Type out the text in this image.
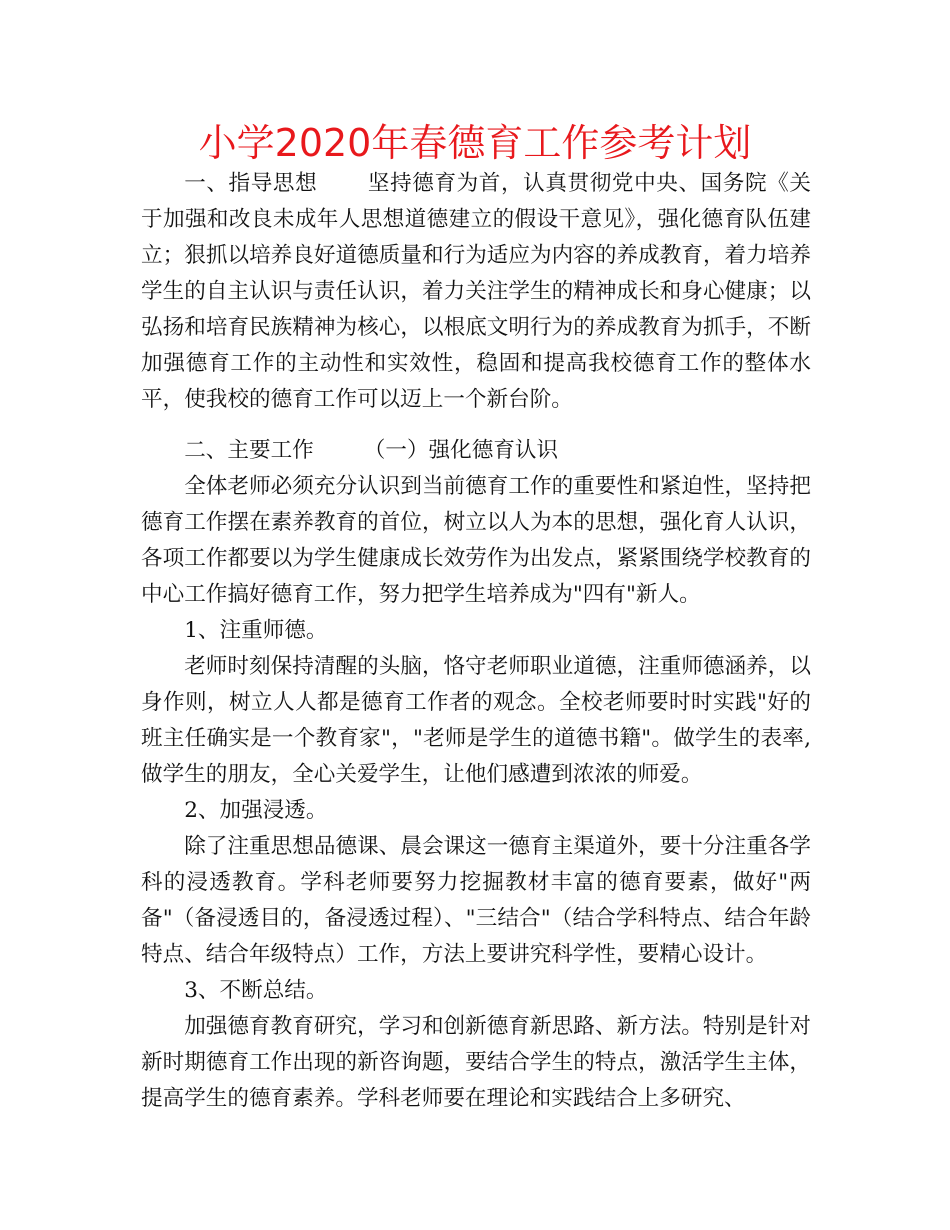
小学2020年春德育工作参考计划

一、指导思想 坚持德育为首，认真贯彻党中央、国务院《关于加强和改良未成年人思想道德建立的假设干意见》，强化德育队伍建立；狠抓以培养良好道德质量和行为适应为内容的养成教育，着力培养学生的自主认识与责任认识，着力关注学生的精神成长和身心健康；以弘扬和培育民族精神为核心，以根底文明行为的养成教育为抓手，不断加强德育工作的主动性和实效性，稳固和提高我校德育工作的整体水平，使我校的德育工作可以迈上一个新台阶。

二、主要工作 （一）强化德育认识

全体老师必须充分认识到当前德育工作的重要性和紧迫性，坚持把德育工作摆在素养教育的首位，树立以人为本的思想，强化育人认识，各项工作都要以为学生健康成长效劳作为出发点，紧紧围绕学校教育的中心工作搞好德育工作，努力把学生培养成为"四有"新人。

1、注重师德。

老师时刻保持清醒的头脑，恪守老师职业道德，注重师德涵养，以身作则，树立人人都是德育工作者的观念。全校老师要时时实践"好的班主任确实是一个教育家"，"老师是学生的道德书籍"。做学生的表率,做学生的朋友，全心关爱学生，让他们感遭到浓浓的师爱。

2、加强浸透。

除了注重思想品德课、晨会课这一德育主渠道外，要十分注重各学科的浸透教育。学科老师要努力挖掘教材丰富的德育要素，做好"两备"（备浸透目的，备浸透过程）、"三结合"（结合学科特点、结合年龄特点、结合年级特点）工作，方法上要讲究科学性，要精心设计。

3、不断总结。

加强德育教育研究，学习和创新德育新思路、新方法。特别是针对新时期德育工作出现的新咨询题，要结合学生的特点，激活学生主体，提高学生的德育素养。学科老师要在理论和实践结合上多研究、
